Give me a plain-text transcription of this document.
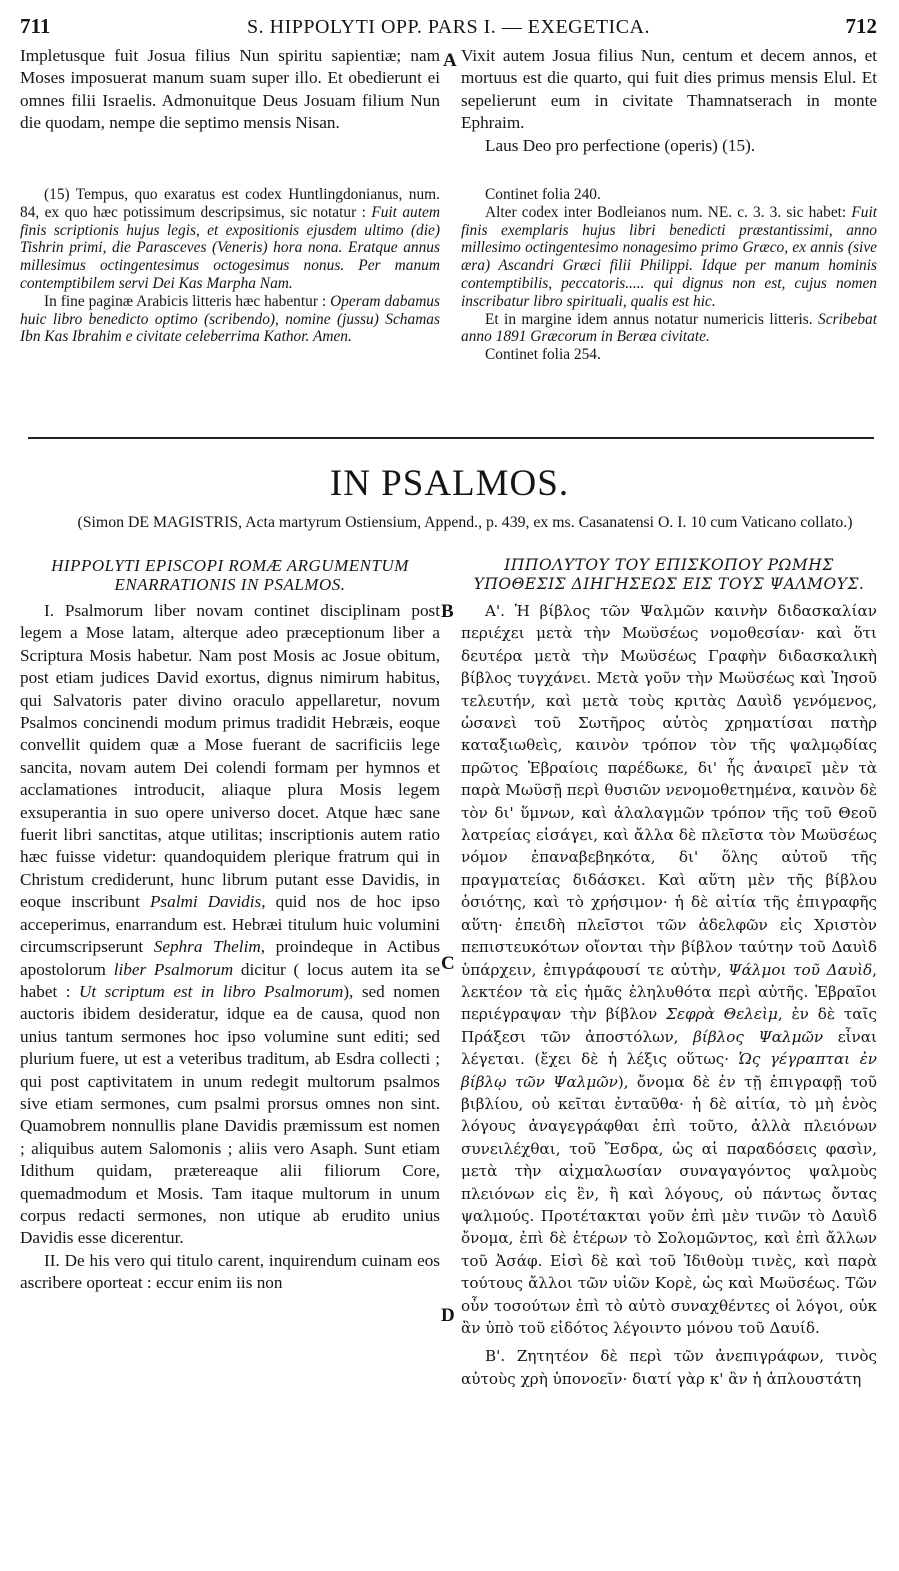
711	S. HIPPOLYTI OPP. PARS I. — EXEGETICA.	712

Impletusque fuit Josua filius Nun spiritu sapientiæ; nam Moses imposuerat manum suam super illo. Et obedierunt ei omnes filii Israelis. Admonuitque Deus Josuam filium Nun die quodam, nempe die septimo mensis Nisan.

A Vixit autem Josua filius Nun, centum et decem annos, et mortuus est die quarto, qui fuit dies primus mensis Elul. Et sepelierunt eum in civitate Thamnatserach in monte Ephraim.

Laus Deo pro perfectione (operis) (15).

(15) Tempus, quo exaratus est codex Huntlingdonianus, num. 84, ex quo hæc potissimum descripsimus, sic notatur : Fuit autem finis scriptionis hujus legis, et expositionis ejusdem ultimo (die) Tishrin primi, die Parasceves (Veneris) hora nona. Eratque annus millesimus octingentesimus octogesimus nonus. Per manum contemptibilem servi Dei Kas Marpha Nam.

In fine paginæ Arabicis litteris hæc habentur : Operam dabamus huic libro benedicto optimo (scribendo), nomine (jussu) Schamas Ibn Kas Ibrahim e civitate celeberrima Kathor. Amen.

Continet folia 240.

Alter codex inter Bodleianos num. NE. c. 3. 3. sic habet: Fuit finis exemplaris hujus libri benedicti præstantissimi, anno millesimo octingentesimo nonagesimo primo Græco, ex annis (sive æra) Ascandri Græci filii Philippi. Idque per manum hominis contemptibilis, peccatoris..... qui dignus non est, cujus nomen inscribatur libro spirituali, qualis est hic.

Et in margine idem annus notatur numericis litteris. Scribebat anno 1891 Græcorum in Beræa civitate.

Continet folia 254.

IN PSALMOS.
(Simon DE MAGISTRIS, Acta martyrum Ostiensium, Append., p. 439, ex ms. Casanatensi O. I. 10 cum Vaticano collato.)
HIPPOLYTI EPISCOPI ROMÆ ARGUMENTUM ENARRATIONIS IN PSALMOS.
ΙΠΠΟΛΥΤΟΥ ΤΟΥ ΕΠΙΣΚΟΠΟΥ ΡΩΜΗΣ ΥΠΟΘΕΣΙΣ ΔΙΗΓΗΣΕΩΣ ΕΙΣ ΤΟΥΣ ΨΑΛΜΟΥΣ.

I. Psalmorum liber novam continet disciplinam post legem a Mose latam, alterque adeo præceptionum liber a Scriptura Mosis habetur. Nam post Mosis ac Josue obitum, post etiam judices David exortus, dignus nimirum habitus, qui Salvatoris pater divino oraculo appellaretur, novum Psalmos concinendi modum primus tradidit Hebræis, eoque convellit quidem quæ a Mose fuerant de sacrificiis lege sancita, novam autem Dei colendi formam per hymnos et acclamationes introducit, aliaque plura Mosis legem exsuperantia in suo opere universo docet. Atque hæc sane fuerit libri sanctitas, atque utilitas; inscriptionis autem ratio hæc fuisse videtur: quandoquidem plerique fratrum qui in Christum crediderunt, hunc librum putant esse Davidis, in eoque inscribunt Psalmi Davidis, quid nos de hoc ipso acceperimus, enarrandum est. Hebræi titulum huic volumini circumscripserunt Sephra Thelim, proindeque in Actibus apostolorum liber Psalmorum dicitur ( locus autem ita se habet : Ut scriptum est in libro Psalmorum), sed nomen auctoris ibidem desideratur, idque ea de causa, quod non unius tantum sermones hoc ipso volumine sunt editi; sed plurium fuere, ut est a veteribus traditum, ab Esdra collecti ; qui post captivitatem in unum redegit multorum psalmos sive etiam sermones, cum psalmi prorsus omnes non sint. Quamobrem nonnullis plane Davidis præmissum est nomen ; aliquibus autem Salomonis ; aliis vero Asaph. Sunt etiam Idithum quidam, prætereaque alii filiorum Core, quemadmodum et Mosis. Tam itaque multorum in unum corpus redacti sermones, non utique ab erudito unius Davidis esse dicerentur.

II. De his vero qui titulo carent, inquirendum cuinam eos ascribere oporteat : eccur enim iis non

B
C
D

Α'. Ἡ βίβλος τῶν Ψαλμῶν καινὴν διδασκαλίαν περιέχει μετὰ τὴν Μωϋσέως νομοθεσίαν· καὶ ὅτι δευτέρα μετὰ τὴν Μωϋσέως Γραφὴν διδασκαλικὴ βίβλος τυγχάνει. Μετὰ γοῦν τὴν Μωϋσέως καὶ Ἰησοῦ τελευτήν, καὶ μετὰ τοὺς κριτὰς Δαυὶδ γενόμενος, ὡσανεὶ τοῦ Σωτῆρος αὐτὸς χρηματίσαι πατὴρ καταξιωθεὶς, καινὸν τρόπον τὸν τῆς ψαλμῳδίας πρῶτος Ἑβραίοις παρέδωκε, δι' ἧς ἀναιρεῖ μὲν τὰ παρὰ Μωϋσῇ περὶ θυσιῶν νενομοθετημένα, καινὸν δὲ τὸν δι' ὕμνων, καὶ ἀλαλαγμῶν τρόπον τῆς τοῦ Θεοῦ λατρείας εἰσάγει, καὶ ἄλλα δὲ πλεῖστα τὸν Μωϋσέως νόμον ἐπαναβεβηκότα, δι' ὅλης αὐτοῦ τῆς πραγματείας διδάσκει. Καὶ αὕτη μὲν τῆς βίβλου ὁσιότης, καὶ τὸ χρήσιμον· ἡ δὲ αἰτία τῆς ἐπιγραφῆς αὕτη· ἐπειδὴ πλεῖστοι τῶν ἀδελφῶν εἰς Χριστὸν πεπιστευκότων οἴονται τὴν βίβλον ταύτην τοῦ Δαυὶδ ὑπάρχειν, ἐπιγράφουσί τε αὐτὴν, Ψάλμοι τοῦ Δαυὶδ, λεκτέον τὰ εἰς ἡμᾶς ἐληλυθότα περὶ αὐτῆς. Ἑβραῖοι περιέγραψαν τὴν βίβλον Σεφρὰ Θελεὶμ, ἐν δὲ ταῖς Πράξεσι τῶν ἀποστόλων, βίβλος Ψαλμῶν εἶναι λέγεται. (ἔχει δὲ ἡ λέξις οὕτως· Ὡς γέγραπται ἐν βίβλῳ τῶν Ψαλμῶν), ὄνομα δὲ ἐν τῇ ἐπιγραφῇ τοῦ βιβλίου, οὐ κεῖται ἐνταῦθα· ἡ δὲ αἰτία, τὸ μὴ ἑνὸς λόγους ἀναγεγράφθαι ἐπὶ τοῦτο, ἀλλὰ πλειόνων συνειλέχθαι, τοῦ Ἔσδρα, ὡς αἱ παραδόσεις φασὶν, μετὰ τὴν αἰχμαλωσίαν συναγαγόντος ψαλμοὺς πλειόνων εἰς ἓν, ἢ καὶ λόγους, οὐ πάντως ὄντας ψαλμούς. Προτέτακται γοῦν ἐπὶ μὲν τινῶν τὸ Δαυὶδ ὄνομα, ἐπὶ δὲ ἑτέρων τὸ Σολομῶντος, καὶ ἐπὶ ἄλλων τοῦ Ἀσάφ. Εἰσὶ δὲ καὶ τοῦ Ἰδιθοὺμ τινὲς, καὶ παρὰ τούτους ἄλλοι τῶν υἱῶν Κορὲ, ὡς καὶ Μωϋσέως. Τῶν οὖν τοσούτων ἐπὶ τὸ αὐτὸ συναχθέντες οἱ λόγοι, οὐκ ἂν ὑπὸ τοῦ εἰδότος λέγοιντο μόνου τοῦ Δαυίδ.

Β'. Ζητητέον δὲ περὶ τῶν ἀνεπιγράφων, τινὸς αὐτοὺς χρὴ ὑπονοεῖν· διατί γὰρ κ' ἂν ἡ ἁπλουστάτη
